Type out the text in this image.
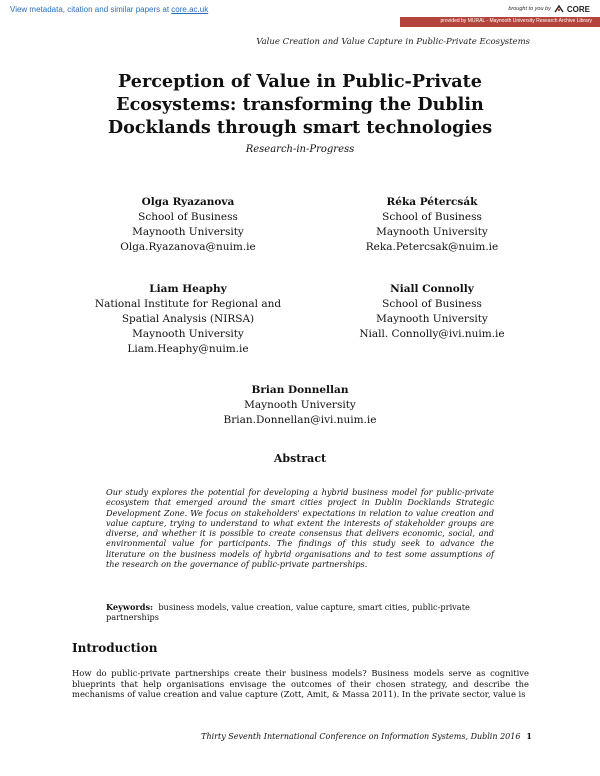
View metadata, citation and similar papers at core.ac.uk	brought to you by CORE
provided by MURAL - Maynooth University Research Archive Library
Value Creation and Value Capture in Public-Private Ecosystems
Perception of Value in Public-Private
Ecosystems: transforming the Dublin
Docklands through smart technologies
Research-in-Progress
Olga Ryazanova
School of Business
Maynooth University
Olga.Ryazanova@nuim.ie
Réka Pétercsák
School of Business
Maynooth University
Reka.Petercsak@nuim.ie
Liam Heaphy
National Institute for Regional and
Spatial Analysis (NIRSA)
Maynooth University
Liam.Heaphy@nuim.ie
Niall Connolly
School of Business
Maynooth University
Niall. Connolly@ivi.nuim.ie
Brian Donnellan
Maynooth University
Brian.Donnellan@ivi.nuim.ie
Abstract
Our study explores the potential for developing a hybrid business model for public-private ecosystem that emerged around the smart cities project in Dublin Docklands Strategic Development Zone. We focus on stakeholders' expectations in relation to value creation and value capture, trying to understand to what extent the interests of stakeholder groups are diverse, and whether it is possible to create consensus that delivers economic, social, and environmental value for participants. The findings of this study seek to advance the literature on the business models of hybrid organisations and to test some assumptions of the research on the governance of public-private partnerships.
Keywords: business models, value creation, value capture, smart cities, public-private partnerships
Introduction
How do public-private partnerships create their business models? Business models serve as cognitive blueprints that help organisations envisage the outcomes of their chosen strategy, and describe the mechanisms of value creation and value capture (Zott, Amit, & Massa 2011). In the private sector, value is
Thirty Seventh International Conference on Information Systems, Dublin 2016 1
